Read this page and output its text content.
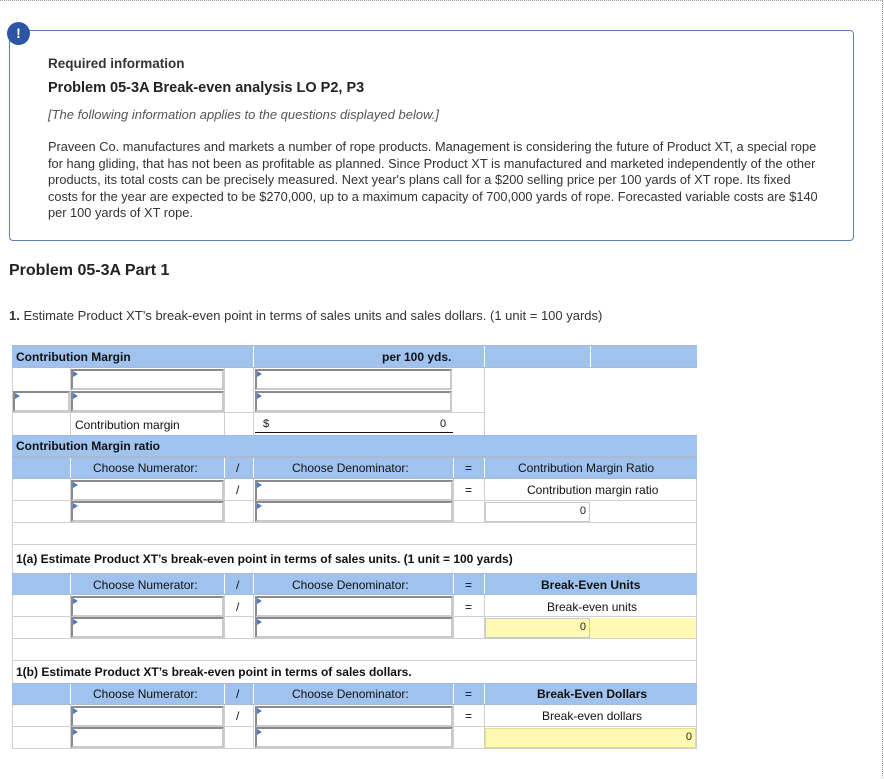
Required information
Problem 05-3A Break-even analysis LO P2, P3
[The following information applies to the questions displayed below.]

Praveen Co. manufactures and markets a number of rope products. Management is considering the future of Product XT, a special rope for hang gliding, that has not been as profitable as planned. Since Product XT is manufactured and marketed independently of the other products, its total costs can be precisely measured. Next year's plans call for a $200 selling price per 100 yards of XT rope. Its fixed costs for the year are expected to be $270,000, up to a maximum capacity of 700,000 yards of rope. Forecasted variable costs are $140 per 100 yards of XT rope.

!
Problem 05-3A Part 1
1. Estimate Product XT’s break-even point in terms of sales units and sales dollars. (1 unit = 100 yards)
Contribution Margin	per 100 yds.
Contribution margin	$	0
Contribution Margin ratio
Choose Numerator:	/	Choose Denominator:	=	Contribution Margin Ratio
/	=	Contribution margin ratio
0
1(a) Estimate Product XT’s break-even point in terms of sales units. (1 unit = 100 yards)
Choose Numerator:	/	Choose Denominator:	=	Break-Even Units
/	=	Break-even units
0
1(b) Estimate Product XT’s break-even point in terms of sales dollars.
Choose Numerator:	/	Choose Denominator:	=	Break-Even Dollars
/	=	Break-even dollars
0
